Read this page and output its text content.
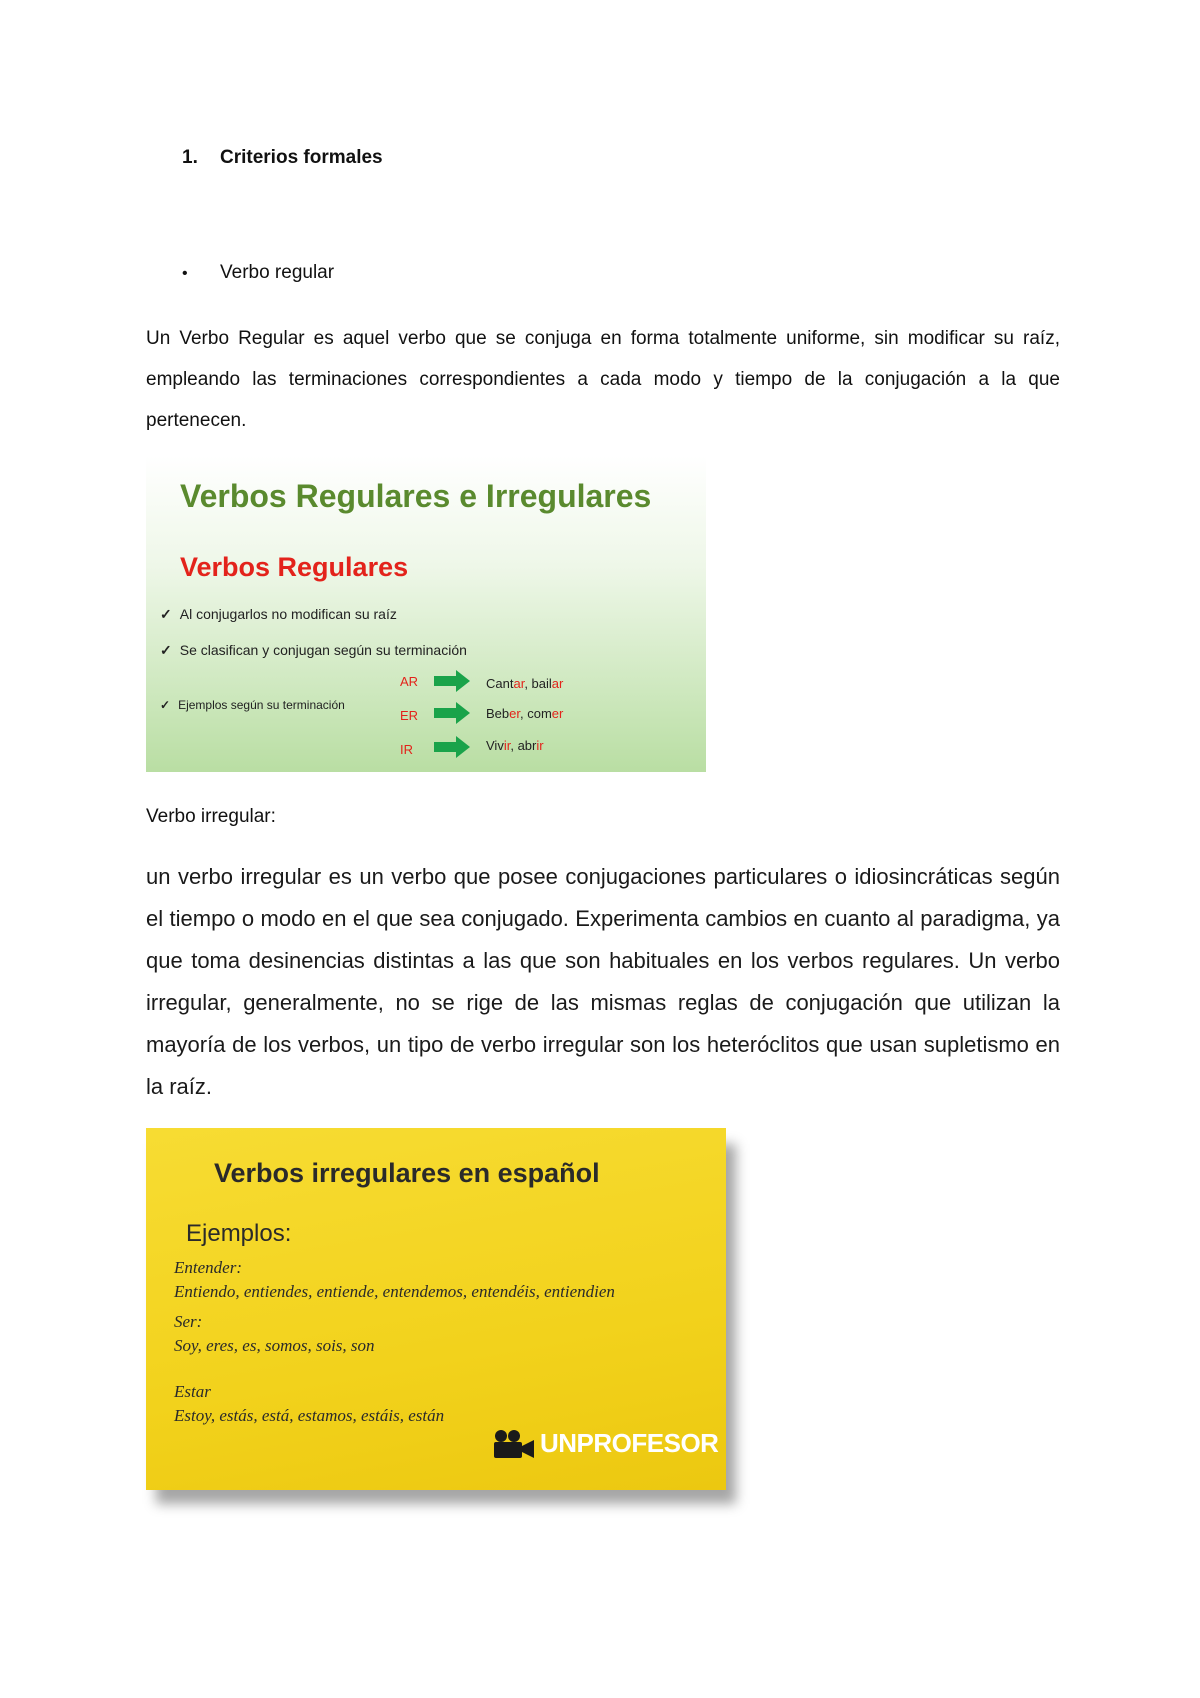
1. Criterios formales
• Verbo regular
Un Verbo Regular es aquel verbo que se conjuga en forma totalmente uniforme, sin modificar su raíz, empleando las terminaciones correspondientes a cada modo y tiempo de la conjugación a la que pertenecen.
Verbos Regulares e Irregulares
Verbos Regulares
✓ Al conjugarlos no modifican su raíz
✓ Se clasifican y conjugan según su terminación
✓ Ejemplos según su terminación
AR	Cantar, bailar
ER	Beber, comer
IR	Vivir, abrir
Verbo irregular:
un verbo irregular es un verbo que posee conjugaciones particulares o idiosincráticas según el tiempo o modo en el que sea conjugado. Experimenta cambios en cuanto al paradigma, ya que toma desinencias distintas a las que son habituales en los verbos regulares. Un verbo irregular, generalmente, no se rige de las mismas reglas de conjugación que utilizan la mayoría de los verbos, un tipo de verbo irregular son los heteróclitos que usan supletismo en la raíz.
Verbos irregulares en español
Ejemplos:
Entender:
Entiendo, entiendes, entiende, entendemos, entendéis, entiendien
Ser:
Soy, eres, es, somos, sois, son
Estar
Estoy, estás, está, estamos, estáis, están
UNPROFESOR
